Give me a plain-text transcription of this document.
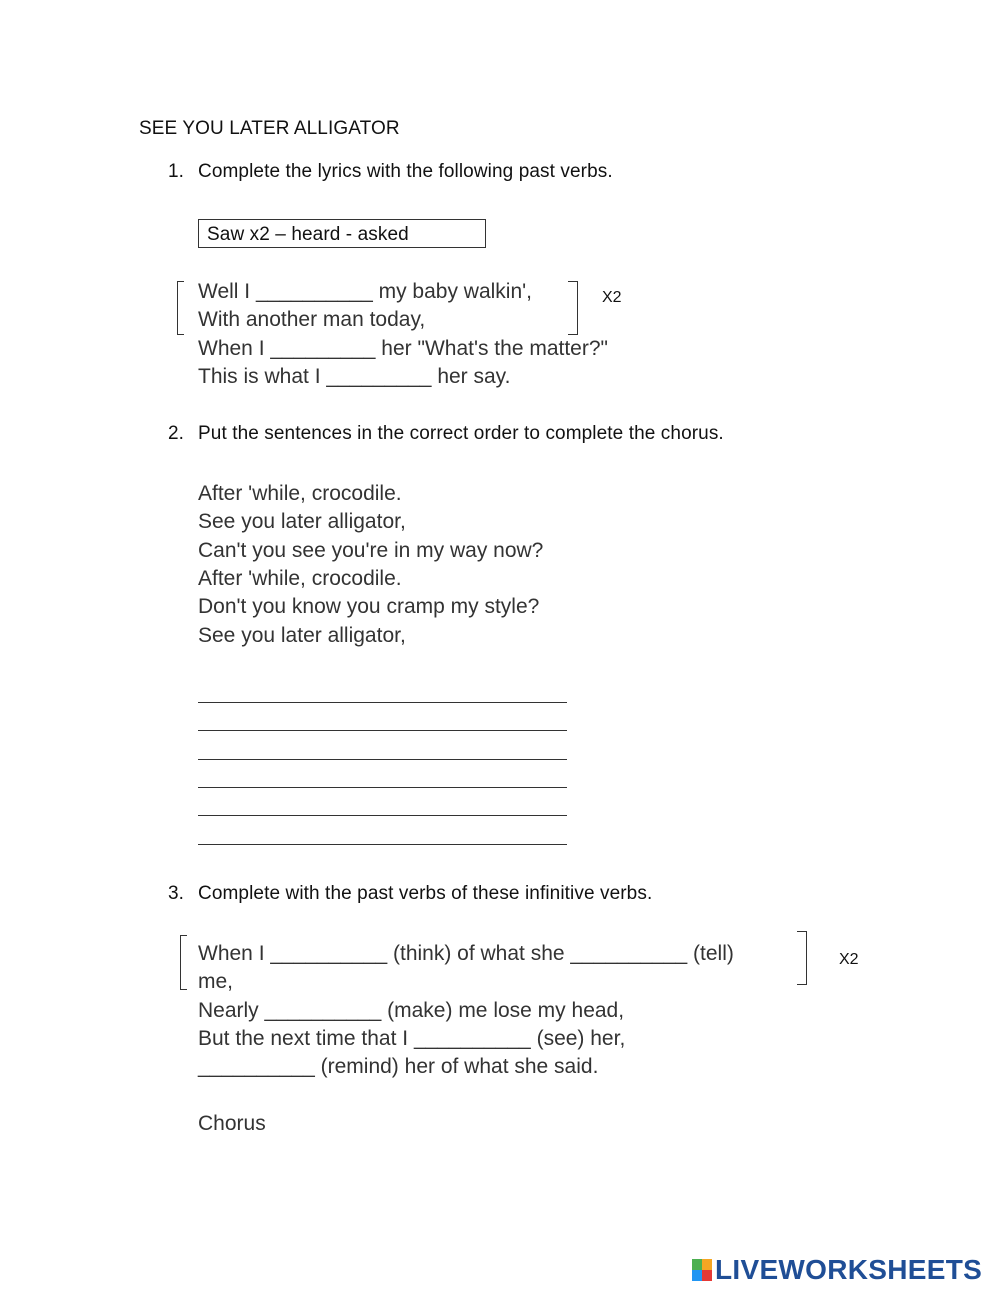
SEE YOU LATER ALLIGATOR
1. Complete the lyrics with the following past verbs.
Saw x2 – heard - asked
X2
Well I __________ my baby walkin',
With another man today,
When I _________ her "What's the matter?"
This is what I _________ her say.
2. Put the sentences in the correct order to complete the chorus.
After 'while, crocodile.
See you later alligator,
Can't you see you're in my way now?
After 'while, crocodile.
Don't you know you cramp my style?
See you later alligator,
3. Complete with the past verbs of these infinitive verbs.
X2
When I __________ (think) of what she __________ (tell)
me,
Nearly __________ (make) me lose my head,
But the next time that I __________ (see) her,
__________ (remind) her of what she said.
Chorus
LIVEWORKSHEETS
